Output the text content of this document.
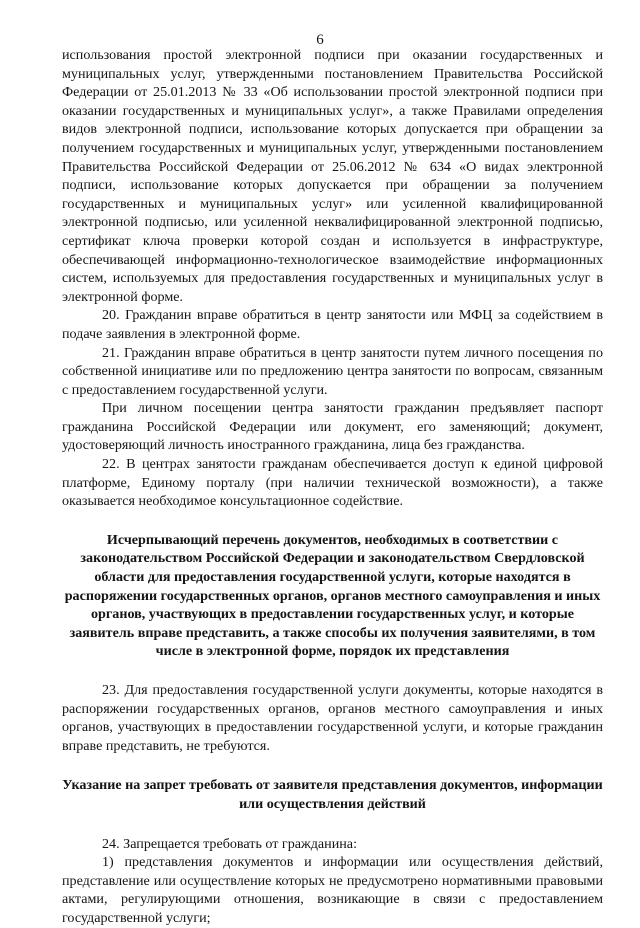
6

использования простой электронной подписи при оказании государственных и муниципальных услуг, утвержденными постановлением Правительства Российской Федерации от 25.01.2013 № 33 «Об использовании простой электронной подписи при оказании государственных и муниципальных услуг», а также Правилами определения видов электронной подписи, использование которых допускается при обращении за получением государственных и муниципальных услуг, утвержденными постановлением Правительства Российской Федерации от 25.06.2012 № 634 «О видах электронной подписи, использование которых допускается при обращении за получением государственных и муниципальных услуг» или усиленной квалифицированной электронной подписью, или усиленной неквалифицированной электронной подписью, сертификат ключа проверки которой создан и используется в инфраструктуре, обеспечивающей информационно-технологическое взаимодействие информационных систем, используемых для предоставления государственных и муниципальных услуг в электронной форме.

20. Гражданин вправе обратиться в центр занятости или МФЦ за содействием в подаче заявления в электронной форме.

21. Гражданин вправе обратиться в центр занятости путем личного посещения по собственной инициативе или по предложению центра занятости по вопросам, связанным с предоставлением государственной услуги.

При личном посещении центра занятости гражданин предъявляет паспорт гражданина Российской Федерации или документ, его заменяющий; документ, удостоверяющий личность иностранного гражданина, лица без гражданства.

22. В центрах занятости гражданам обеспечивается доступ к единой цифровой платформе, Единому порталу (при наличии технической возможности), а также оказывается необходимое консультационное содействие.

Исчерпывающий перечень документов, необходимых в соответствии с законодательством Российской Федерации и законодательством Свердловской области для предоставления государственной услуги, которые находятся в распоряжении государственных органов, органов местного самоуправления и иных органов, участвующих в предоставлении государственных услуг, и которые заявитель вправе представить, а также способы их получения заявителями, в том числе в электронной форме, порядок их представления

23. Для предоставления государственной услуги документы, которые находятся в распоряжении государственных органов, органов местного самоуправления и иных органов, участвующих в предоставлении государственной услуги, и которые гражданин вправе представить, не требуются.

Указание на запрет требовать от заявителя представления документов, информации или осуществления действий

24. Запрещается требовать от гражданина:

1) представления документов и информации или осуществления действий, представление или осуществление которых не предусмотрено нормативными правовыми актами, регулирующими отношения, возникающие в связи с предоставлением государственной услуги;
